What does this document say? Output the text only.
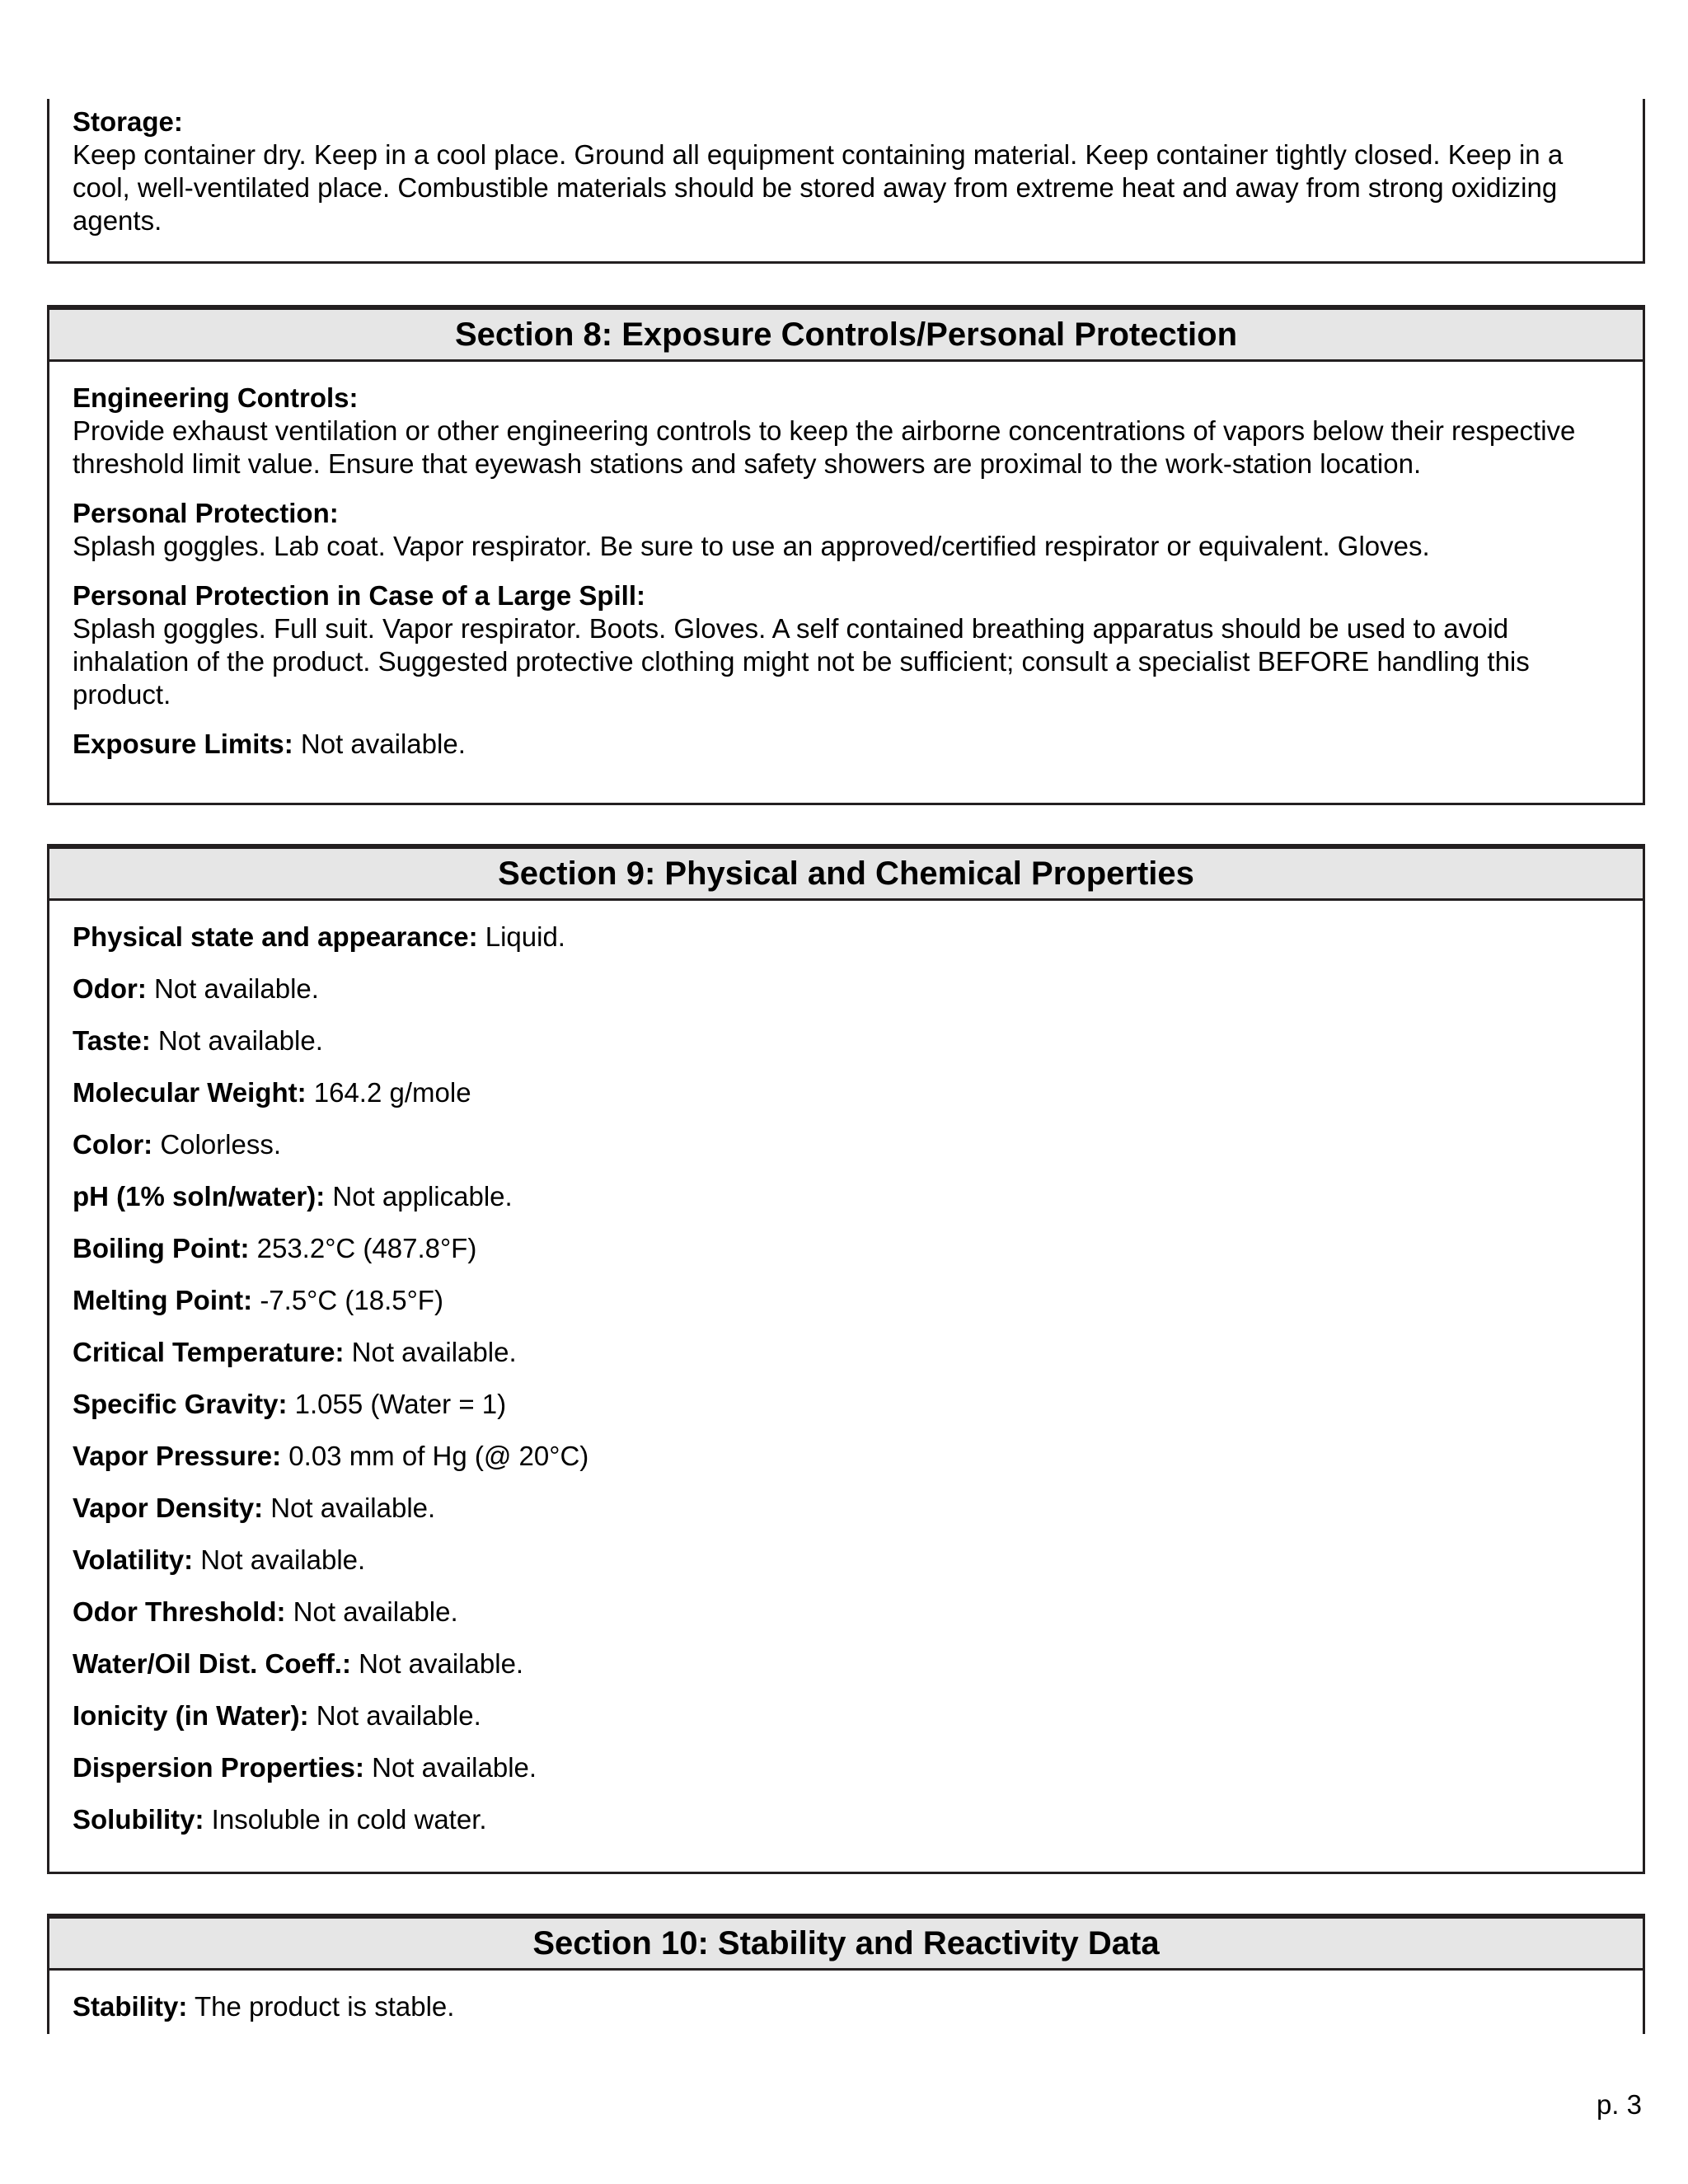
Storage:
Keep container dry. Keep in a cool place. Ground all equipment containing material. Keep container tightly closed. Keep in a cool, well-ventilated place. Combustible materials should be stored away from extreme heat and away from strong oxidizing agents.
Section 8: Exposure Controls/Personal Protection
Engineering Controls:
Provide exhaust ventilation or other engineering controls to keep the airborne concentrations of vapors below their respective threshold limit value. Ensure that eyewash stations and safety showers are proximal to the work-station location.
Personal Protection:
Splash goggles. Lab coat. Vapor respirator. Be sure to use an approved/certified respirator or equivalent. Gloves.
Personal Protection in Case of a Large Spill:
Splash goggles. Full suit. Vapor respirator. Boots. Gloves. A self contained breathing apparatus should be used to avoid inhalation of the product. Suggested protective clothing might not be sufficient; consult a specialist BEFORE handling this product.
Exposure Limits: Not available.
Section 9: Physical and Chemical Properties
Physical state and appearance: Liquid.
Odor: Not available.
Taste: Not available.
Molecular Weight: 164.2 g/mole
Color: Colorless.
pH (1% soln/water): Not applicable.
Boiling Point: 253.2°C (487.8°F)
Melting Point: -7.5°C (18.5°F)
Critical Temperature: Not available.
Specific Gravity: 1.055 (Water = 1)
Vapor Pressure: 0.03 mm of Hg (@ 20°C)
Vapor Density: Not available.
Volatility: Not available.
Odor Threshold: Not available.
Water/Oil Dist. Coeff.: Not available.
Ionicity (in Water): Not available.
Dispersion Properties: Not available.
Solubility: Insoluble in cold water.
Section 10: Stability and Reactivity Data
Stability: The product is stable.
p. 3
